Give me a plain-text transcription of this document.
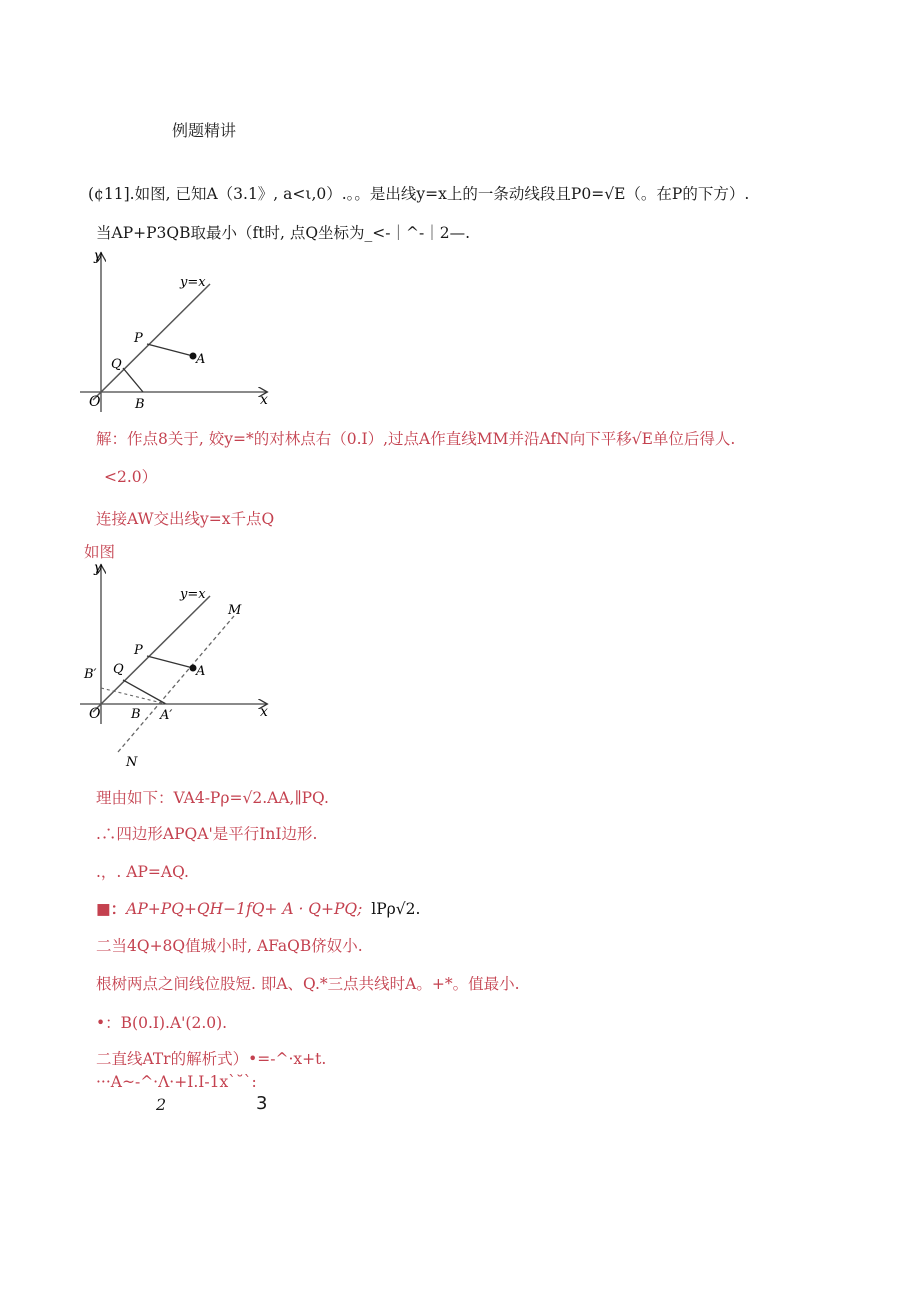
例题精讲
(¢11].如图, 已知A（3.1》, a<ι,0）.。。是出线y=x上的一条动线段且P0=√E（。在P的下方）.
当AP+P3QB取最小（ft时, 点Q坐标为_<-｜^-｜2—.
y
y=x
P
A
Q
O	B	x
解：作点8关于, 姣y=*的对林点右（0.I）,过点A作直线MM并沿AfN向下平移√E单位后得人.
<2.0）
连接AW交出线y=x千点Q
如图
y
y=x
M
P
A
B′ Q
O B A′	x
N
理由如下：VA4-Pρ=√2.AA,∥PQ.
.∴四边形APQA'是平行InI边形.
.，. AP=AQ.
■：AP+PQ+QH−1fQ+ A · Q+PQ; lPρ√2.
二当4Q+8Q值城小时, AFaQB侪奴小.
根树两点之间线位股短. 即A、Q.*三点共线时A。+*。值最小.
•：B(0.I).A'(2.0).
二直线ATr的解析式）•=-^·x+t.
···A~-^·Λ·+I.I-1x`˘`:
2	3
